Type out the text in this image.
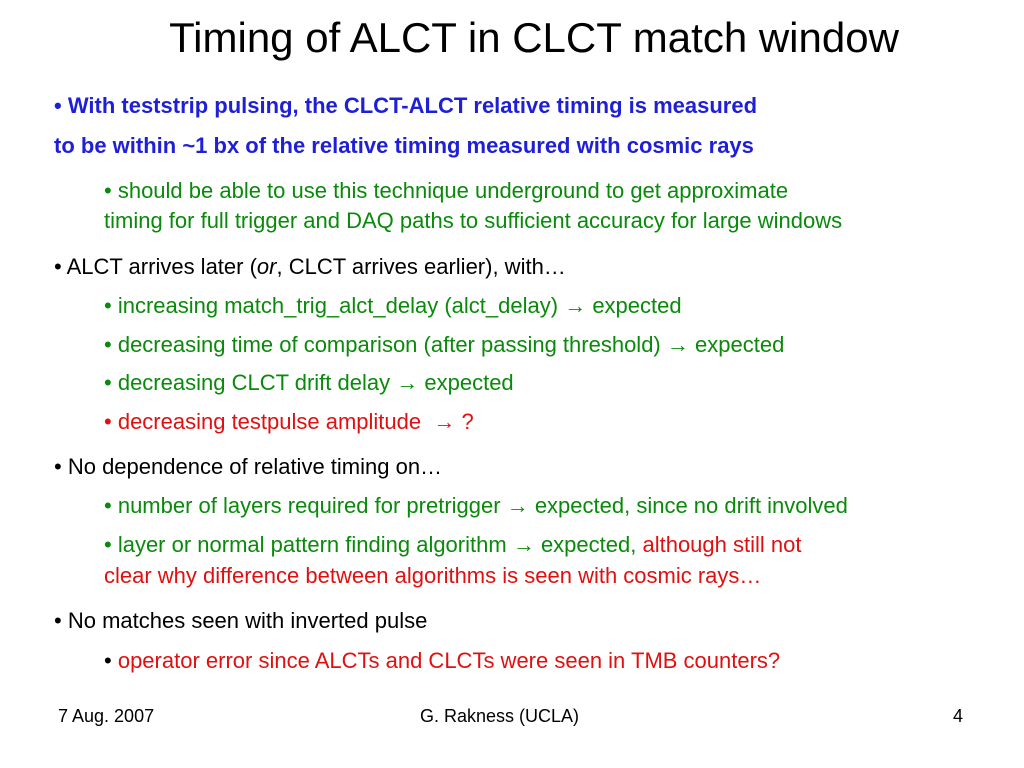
Timing of ALCT in CLCT match window
• With teststrip pulsing, the CLCT-ALCT relative timing is measured
to be within ~1 bx of the relative timing measured with cosmic rays
• should be able to use this technique underground to get approximate
timing for full trigger and DAQ paths to sufficient accuracy for large windows
• ALCT arrives later (or, CLCT arrives earlier), with…
• increasing match_trig_alct_delay (alct_delay) → expected
• decreasing time of comparison (after passing threshold) → expected
• decreasing CLCT drift delay → expected
• decreasing testpulse amplitude → ?
• No dependence of relative timing on…
• number of layers required for pretrigger → expected, since no drift involved
• layer or normal pattern finding algorithm → expected, although still not
clear why difference between algorithms is seen with cosmic rays…
• No matches seen with inverted pulse
• operator error since ALCTs and CLCTs were seen in TMB counters?
7 Aug. 2007	G. Rakness (UCLA)	4
